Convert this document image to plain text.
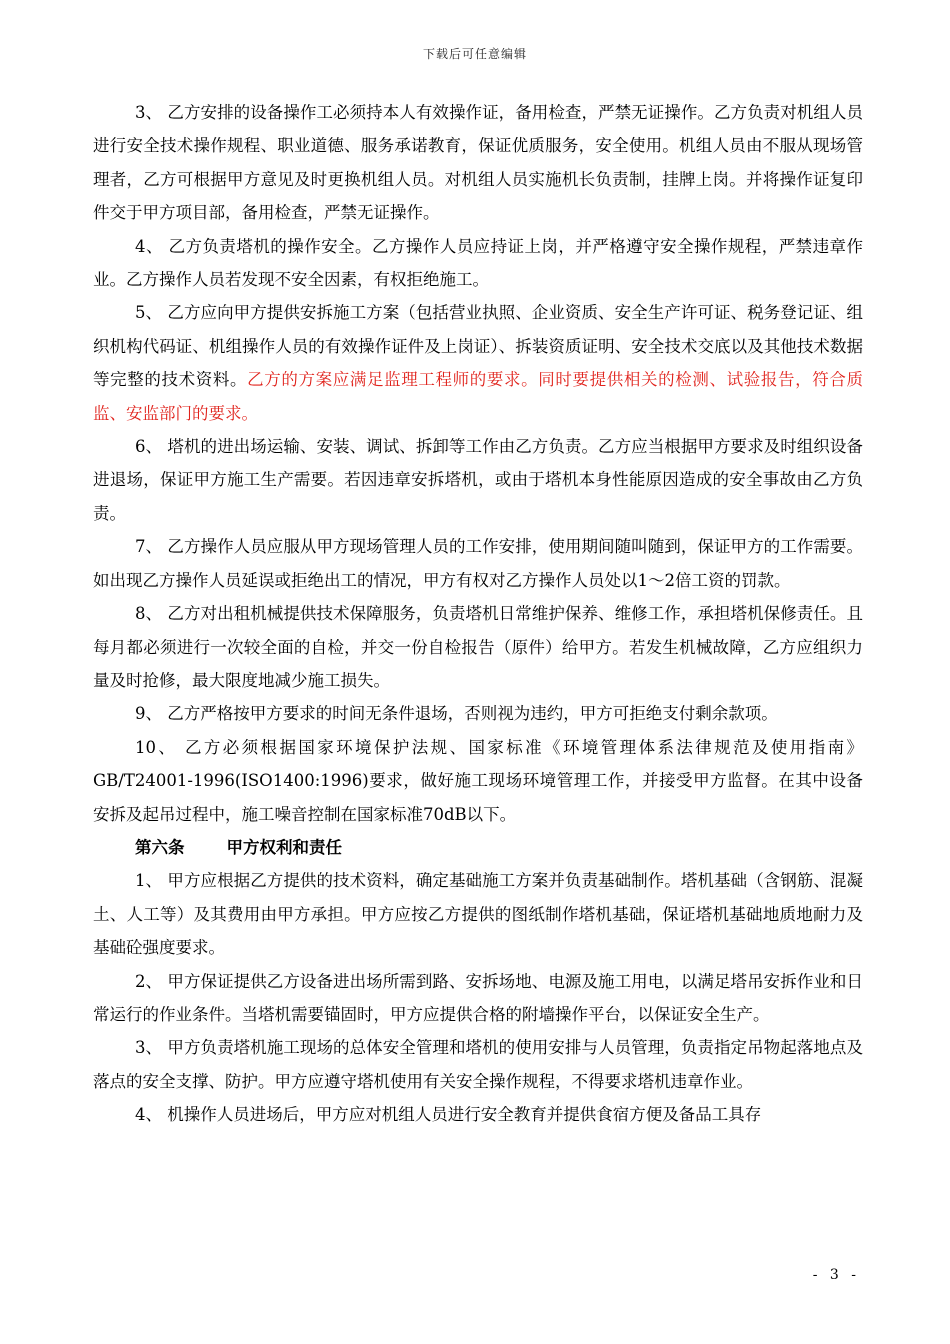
下载后可任意编辑

3、 乙方安排的设备操作工必须持本人有效操作证，备用检查，严禁无证操作。乙方负责对机组人员进行安全技术操作规程、职业道德、服务承诺教育，保证优质服务，安全使用。机组人员由不服从现场管理者，乙方可根据甲方意见及时更换机组人员。对机组人员实施机长负责制，挂牌上岗。并将操作证复印件交于甲方项目部，备用检查，严禁无证操作。

4、 乙方负责塔机的操作安全。乙方操作人员应持证上岗，并严格遵守安全操作规程，严禁违章作业。乙方操作人员若发现不安全因素，有权拒绝施工。

5、 乙方应向甲方提供安拆施工方案（包括营业执照、企业资质、安全生产许可证、税务登记证、组织机构代码证、机组操作人员的有效操作证件及上岗证）、拆装资质证明、安全技术交底以及其他技术数据等完整的技术资料。乙方的方案应满足监理工程师的要求。同时要提供相关的检测、试验报告，符合质监、安监部门的要求。

6、 塔机的进出场运输、安装、调试、拆卸等工作由乙方负责。乙方应当根据甲方要求及时组织设备进退场，保证甲方施工生产需要。若因违章安拆塔机，或由于塔机本身性能原因造成的安全事故由乙方负责。

7、 乙方操作人员应服从甲方现场管理人员的工作安排，使用期间随叫随到，保证甲方的工作需要。如出现乙方操作人员延误或拒绝出工的情况，甲方有权对乙方操作人员处以1～2倍工资的罚款。

8、 乙方对出租机械提供技术保障服务，负责塔机日常维护保养、维修工作，承担塔机保修责任。且每月都必须进行一次较全面的自检，并交一份自检报告（原件）给甲方。若发生机械故障，乙方应组织力量及时抢修，最大限度地减少施工损失。

9、 乙方严格按甲方要求的时间无条件退场，否则视为违约，甲方可拒绝支付剩余款项。

10、 乙方必须根据国家环境保护法规、国家标准《环境管理体系法律规范及使用指南》GB/T24001-1996(ISO1400:1996)要求，做好施工现场环境管理工作，并接受甲方监督。在其中设备安拆及起吊过程中，施工噪音控制在国家标准70dB以下。

第六条	甲方权利和责任

1、 甲方应根据乙方提供的技术资料，确定基础施工方案并负责基础制作。塔机基础（含钢筋、混凝土、人工等）及其费用由甲方承担。甲方应按乙方提供的图纸制作塔机基础，保证塔机基础地质地耐力及基础砼强度要求。

2、 甲方保证提供乙方设备进出场所需到路、安拆场地、电源及施工用电，以满足塔吊安拆作业和日常运行的作业条件。当塔机需要锚固时，甲方应提供合格的附墙操作平台，以保证安全生产。

3、 甲方负责塔机施工现场的总体安全管理和塔机的使用安排与人员管理，负责指定吊物起落地点及落点的安全支撑、防护。甲方应遵守塔机使用有关安全操作规程，不得要求塔机违章作业。

4、 机操作人员进场后，甲方应对机组人员进行安全教育并提供食宿方便及备品工具存

- 3 -
